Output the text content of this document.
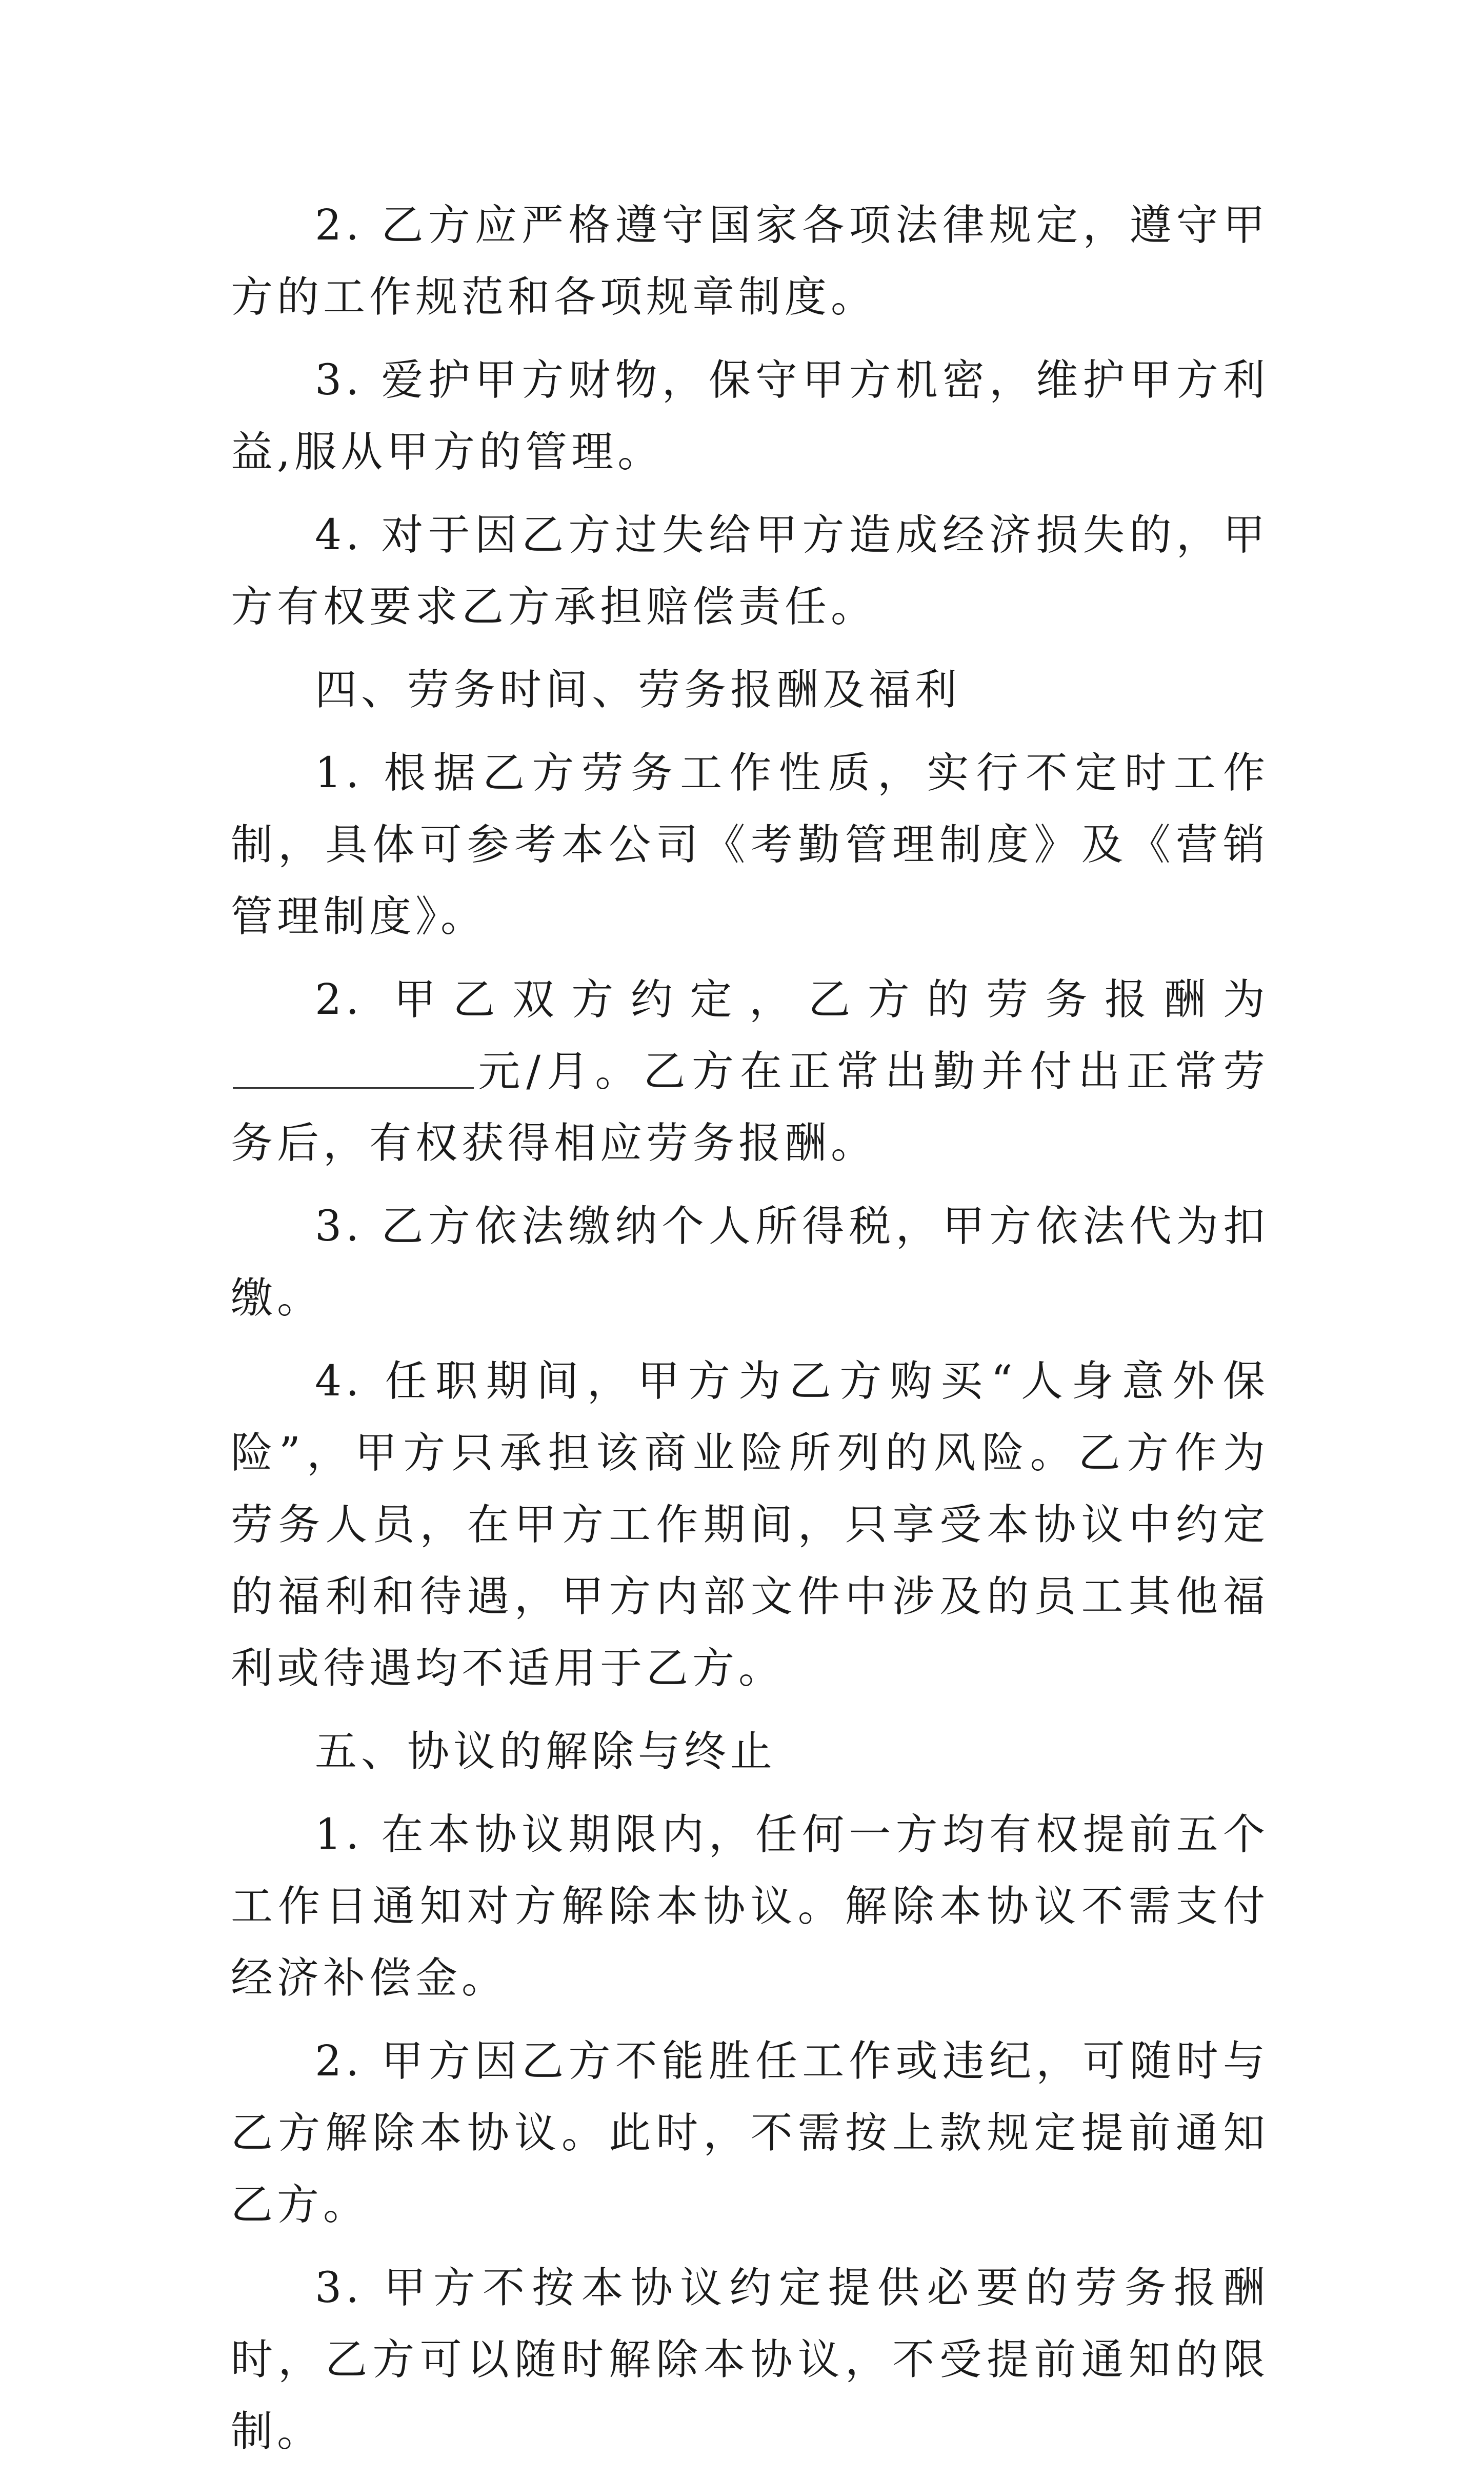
2. 乙方应严格遵守国家各项法律规定，遵守甲方的工作规范和各项规章制度。

3. 爱护甲方财物，保守甲方机密，维护甲方利益,服从甲方的管理。

4. 对于因乙方过失给甲方造成经济损失的，甲方有权要求乙方承担赔偿责任。

四、劳务时间、劳务报酬及福利

1. 根据乙方劳务工作性质，实行不定时工作制，具体可参考本公司《考勤管理制度》及《营销管理制度》。

2. 甲乙双方约定，乙方的劳务报酬为元/月。乙方在正常出勤并付出正常劳务后，有权获得相应劳务报酬。

3. 乙方依法缴纳个人所得税，甲方依法代为扣缴。

4. 任职期间，甲方为乙方购买“人身意外保险”，甲方只承担该商业险所列的风险。乙方作为劳务人员，在甲方工作期间，只享受本协议中约定的福利和待遇，甲方内部文件中涉及的员工其他福利或待遇均不适用于乙方。

五、协议的解除与终止

1. 在本协议期限内，任何一方均有权提前五个工作日通知对方解除本协议。解除本协议不需支付经济补偿金。

2. 甲方因乙方不能胜任工作或违纪，可随时与乙方解除本协议。此时，不需按上款规定提前通知乙方。

3. 甲方不按本协议约定提供必要的劳务报酬时，乙方可以随时解除本协议，不受提前通知的限制。
